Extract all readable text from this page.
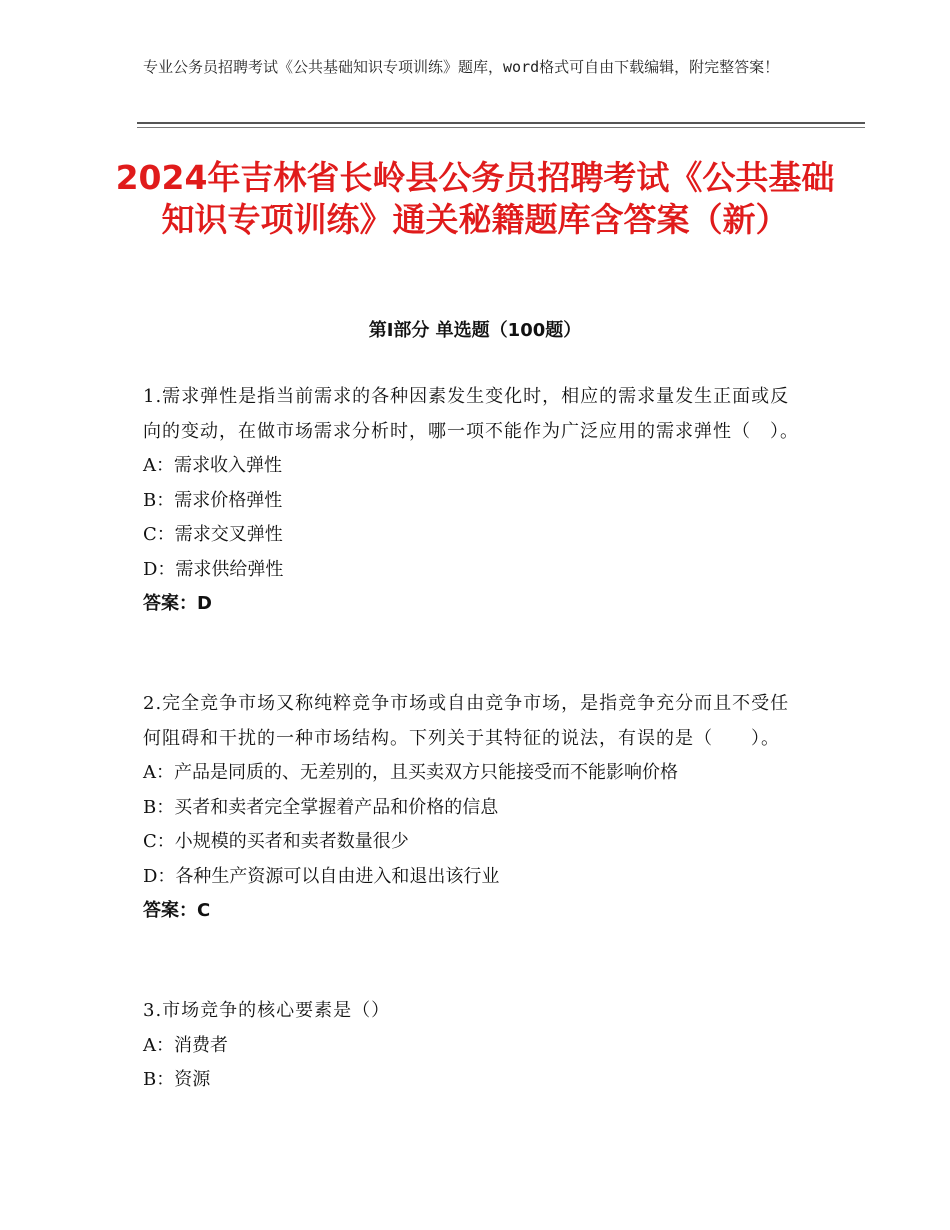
专业公务员招聘考试《公共基础知识专项训练》题库，word格式可自由下载编辑，附完整答案！
2024年吉林省长岭县公务员招聘考试《公共基础知识专项训练》通关秘籍题库含答案（新）
第Ⅰ部分 单选题（100题）

1.需求弹性是指当前需求的各种因素发生变化时，相应的需求量发生正面或反向的变动，在做市场需求分析时，哪一项不能作为广泛应用的需求弹性（　）。

A：需求收入弹性

B：需求价格弹性

C：需求交叉弹性

D：需求供给弹性

答案：D

2.完全竞争市场又称纯粹竞争市场或自由竞争市场，是指竞争充分而且不受任何阻碍和干扰的一种市场结构。下列关于其特征的说法，有误的是（　　）。

A：产品是同质的、无差别的，且买卖双方只能接受而不能影响价格

B：买者和卖者完全掌握着产品和价格的信息

C：小规模的买者和卖者数量很少

D：各种生产资源可以自由进入和退出该行业

答案：C

3.市场竞争的核心要素是（）

A：消费者

B：资源
